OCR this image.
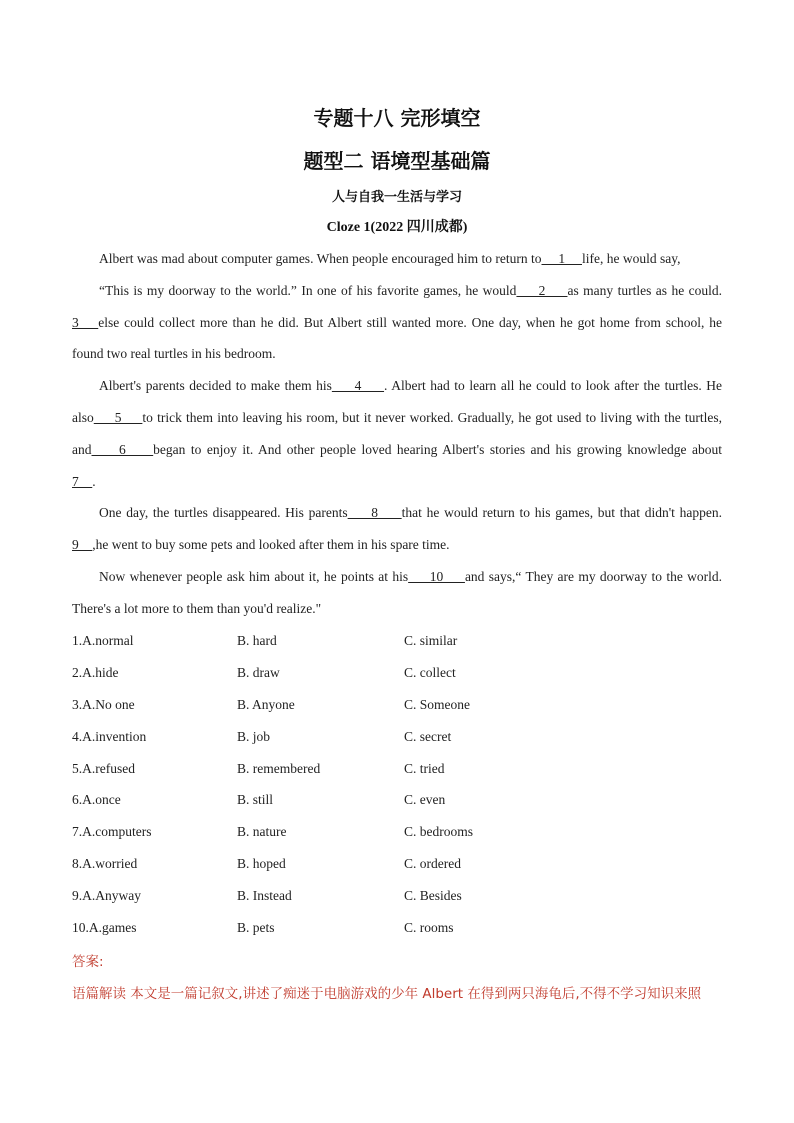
专题十八 完形填空
题型二 语境型基础篇
人与自我一生活与学习
Cloze 1(2022 四川成都)
Albert was mad about computer games. When people encouraged him to return to     1     life, he would say,
“This is my doorway to the world.” In one of his favorite games, he would     2     as many turtles as he could.
3    else could collect more than he did. But Albert still wanted more. One day, when he got home from school, he
found two real turtles in his bedroom.
Albert's parents decided to make them his     4     . Albert had to learn all he could to look after the turtles. He
also     5     to trick them into leaving his room, but it never worked. Gradually, he got used to living with the turtles,
and     6     began to enjoy it. And other people loved hearing Albert's stories and his growing knowledge about
7    .
One day, the turtles disappeared. His parents     8     that he would return to his games, but that didn't happen.
9    ,he went to buy some pets and looked after them in his spare time.
Now whenever people ask him about it, he points at his     10     and says,“ They are my doorway to the world.
There's a lot more to them than you'd realize."
1.A.normal	B. hard	C. similar
2.A.hide	B. draw	C. collect
3.A.No one	B. Anyone	C. Someone
4.A.invention	B. job	C. secret
5.A.refused	B. remembered	C. tried
6.A.once	B. still	C. even
7.A.computers	B. nature	C. bedrooms
8.A.worried	B. hoped	C. ordered
9.A.Anyway	B. Instead	C. Besides
10.A.games	B. pets	C. rooms
答案:
语篇解读 本文是一篇记叙文,讲述了痴迷于电脑游戏的少年 Albert 在得到两只海龟后,不得不学习知识来照
